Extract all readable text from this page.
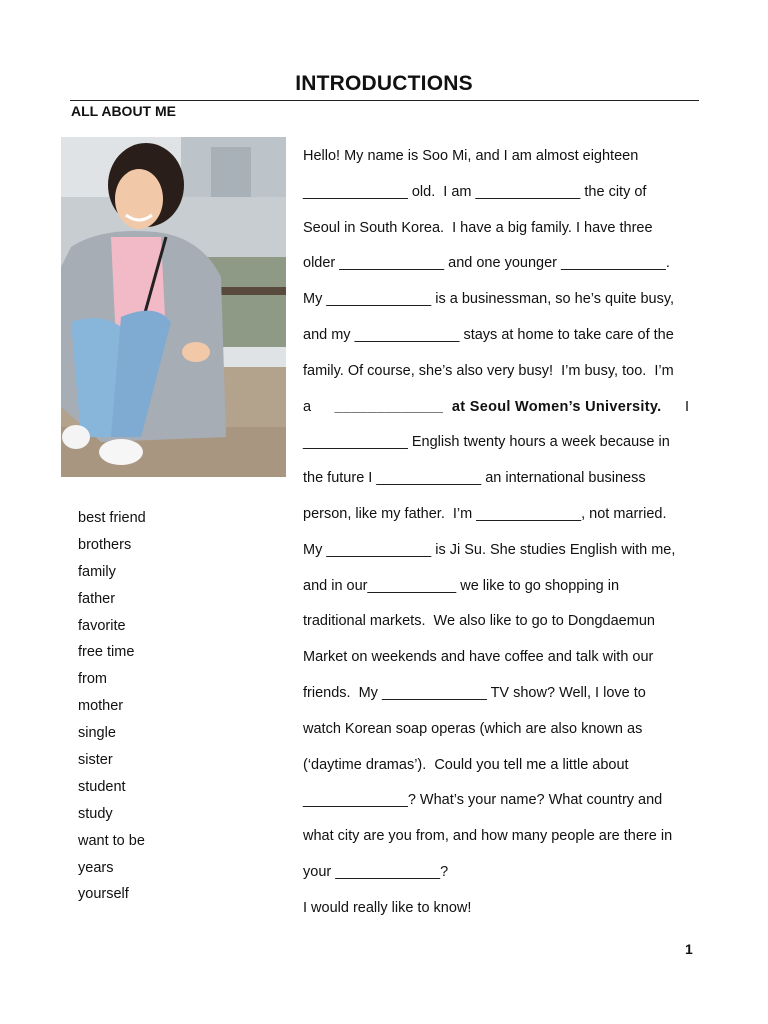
INTRODUCTIONS
ALL ABOUT ME
best friend
brothers
family
father
favorite
free time
from
mother
single
sister
student
study
want to be
years
yourself
Hello! My name is Soo Mi, and I am almost eighteen
_____________ old.  I am _____________ the city of
Seoul in South Korea.  I have a big family. I have three
older _____________ and one younger _____________.
My _____________ is a businessman, so he’s quite busy,
and my _____________ stays at home to take care of the
family. Of course, she’s also very busy!  I’m busy, too.  I’m
a _____________  at Seoul Women’s University. I
_____________ English twenty hours a week because in
the future I _____________ an international business
person, like my father.  I’m _____________, not married.
My _____________ is Ji Su. She studies English with me,
and in our___________ we like to go shopping in
traditional markets.  We also like to go to Dongdaemun
Market on weekends and have coffee and talk with our
friends.  My _____________ TV show? Well, I love to
watch Korean soap operas (which are also known as
(‘daytime dramas’).  Could you tell me a little about
_____________? What’s your name? What country and
what city are you from, and how many people are there in
your _____________?
I would really like to know!
1
